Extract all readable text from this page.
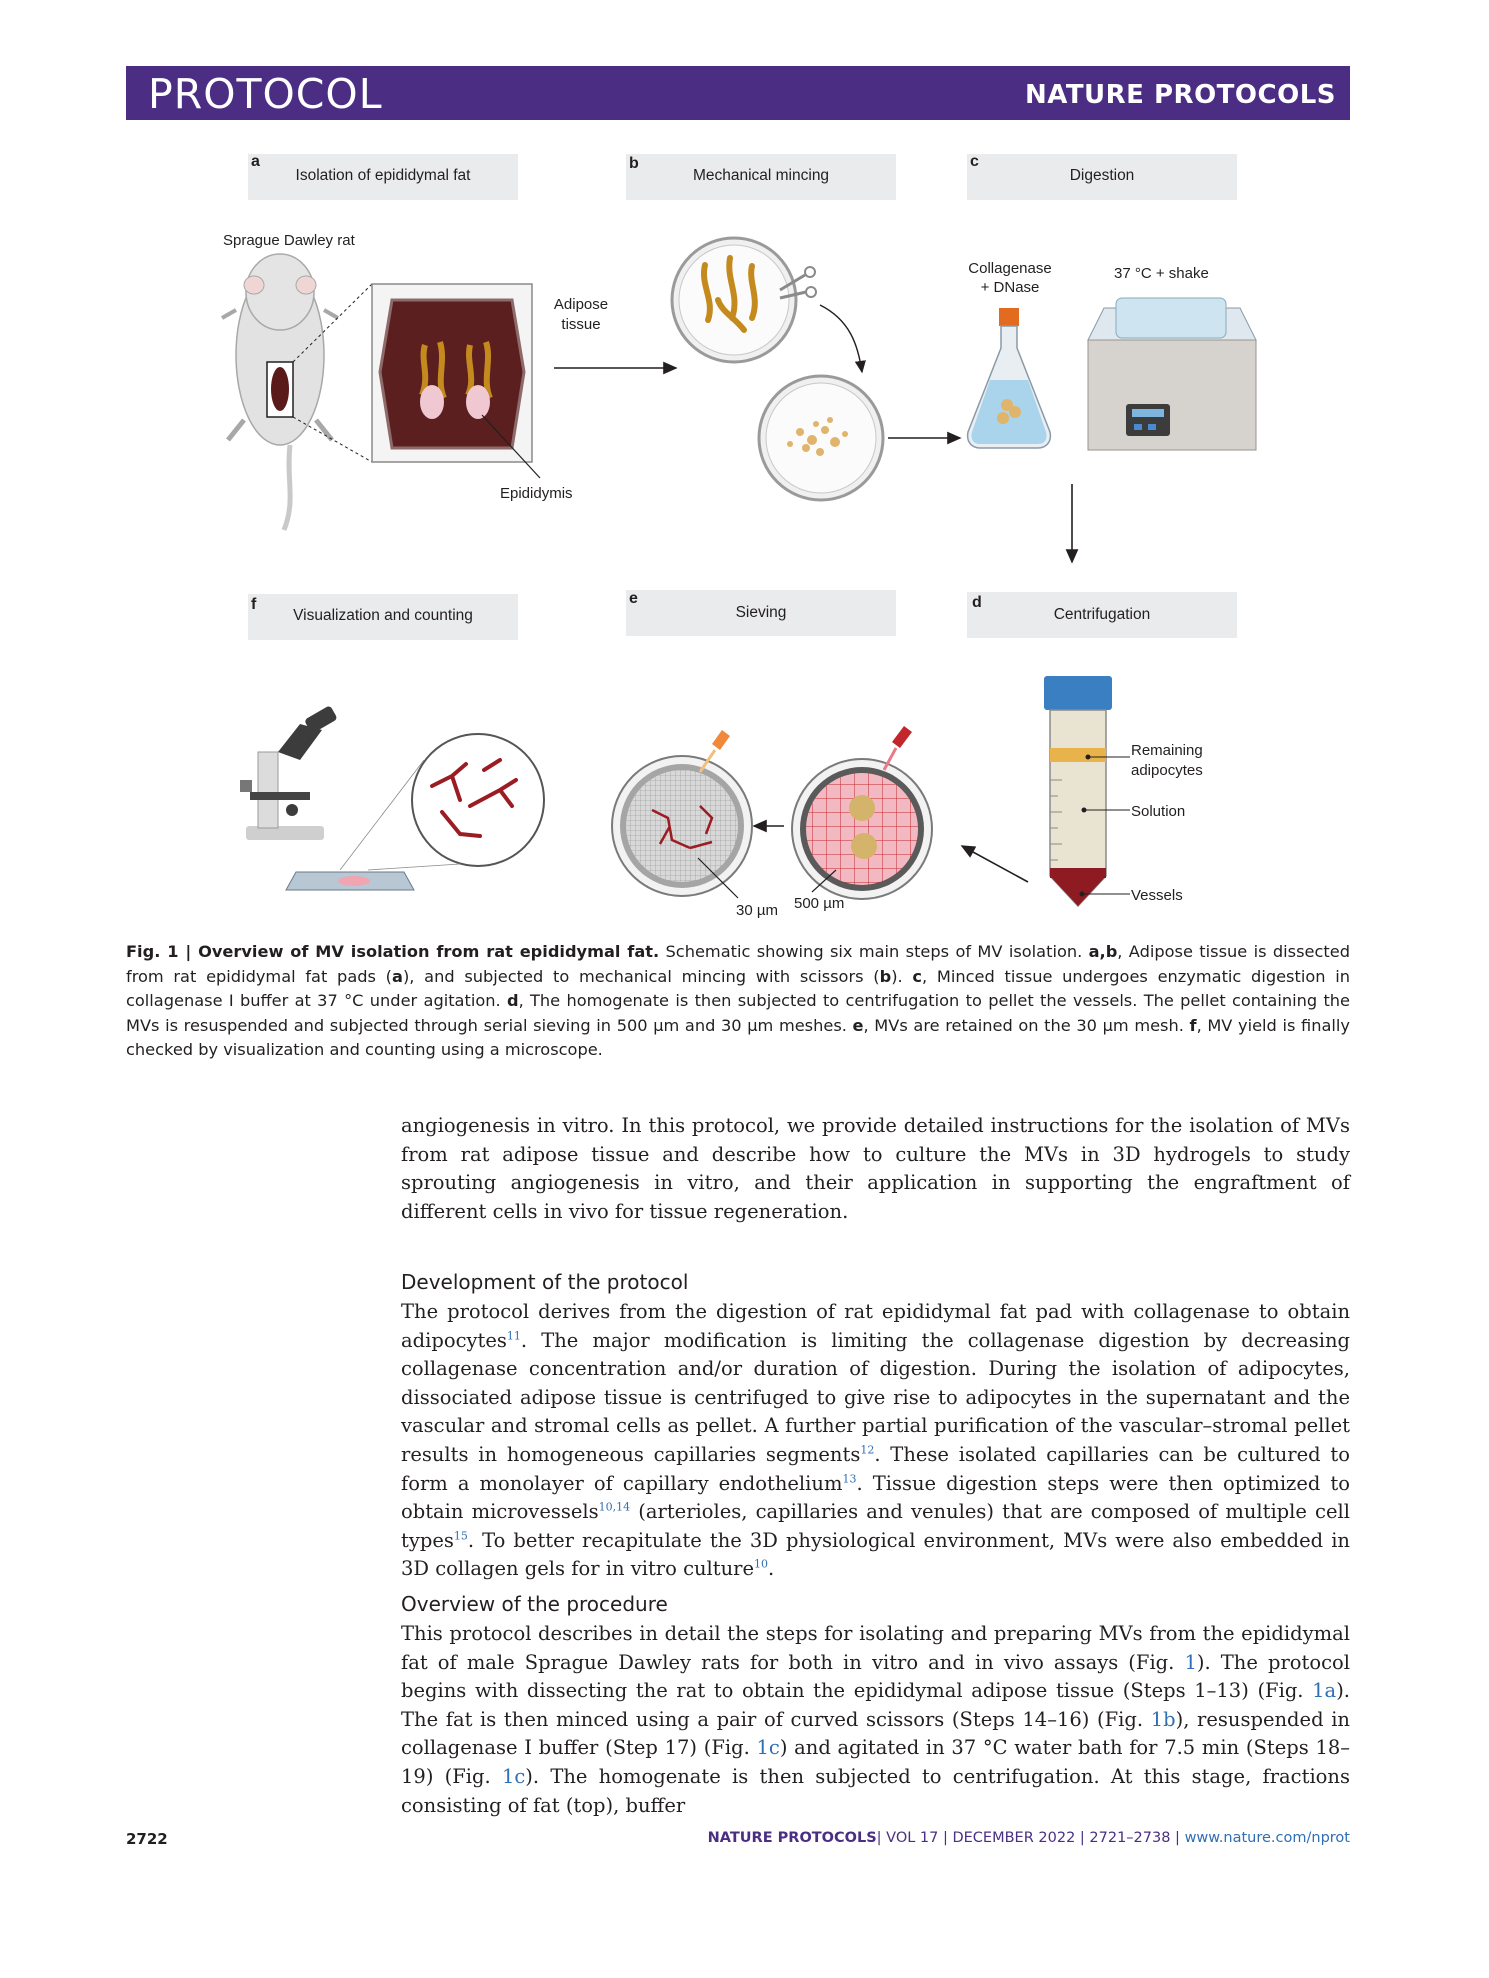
PROTOCOL	NATURE PROTOCOLS
a
Isolation of epididymal fat
b
Mechanical mincing
c
Digestion
d
Centrifugation
e
Sieving
f
Visualization and counting
Sprague Dawley rat
Adipose
tissue
Epididymis
Collagenase
+ DNase
37 °C + shake
Remaining
adipocytes
Solution
Vessels
30 µm 500 µm
Fig. 1 | Overview of MV isolation from rat epididymal fat. Schematic showing six main steps of MV isolation. a,b, Adipose tissue is dissected from rat epididymal fat pads (a), and subjected to mechanical mincing with scissors (b). c, Minced tissue undergoes enzymatic digestion in collagenase I buffer at 37 °C under agitation. d, The homogenate is then subjected to centrifugation to pellet the vessels. The pellet containing the MVs is resuspended and subjected through serial sieving in 500 µm and 30 µm meshes. e, MVs are retained on the 30 µm mesh. f, MV yield is finally checked by visualization and counting using a microscope.
angiogenesis in vitro. In this protocol, we provide detailed instructions for the isolation of MVs from rat adipose tissue and describe how to culture the MVs in 3D hydrogels to study sprouting angiogenesis in vitro, and their application in supporting the engraftment of different cells in vivo for tissue regeneration.
Development of the protocol
The protocol derives from the digestion of rat epididymal fat pad with collagenase to obtain adipocytes$^{11}$. The major modification is limiting the collagenase digestion by decreasing collagenase concentration and/or duration of digestion. During the isolation of adipocytes, dissociated adipose tissue is centrifuged to give rise to adipocytes in the supernatant and the vascular and stromal cells as pellet. A further partial purification of the vascular–stromal pellet results in homogeneous capillaries segments$^{12}$. These isolated capillaries can be cultured to form a monolayer of capillary endothelium$^{13}$. Tissue digestion steps were then optimized to obtain microvessels$^{10,14}$ (arterioles, capillaries and venules) that are composed of multiple cell types$^{15}$. To better recapitulate the 3D physiological environment, MVs were also embedded in 3D collagen gels for in vitro culture$^{10}$.
Overview of the procedure
This protocol describes in detail the steps for isolating and preparing MVs from the epididymal fat of male Sprague Dawley rats for both in vitro and in vivo assays (Fig. 1). The protocol begins with dissecting the rat to obtain the epididymal adipose tissue (Steps 1–13) (Fig. 1a). The fat is then minced using a pair of curved scissors (Steps 14–16) (Fig. 1b), resuspended in collagenase I buffer (Step 17) (Fig. 1c) and agitated in 37 °C water bath for 7.5 min (Steps 18–19) (Fig. 1c). The homogenate is then subjected to centrifugation. At this stage, fractions consisting of fat (top), buffer
2722	NATURE PROTOCOLS| VOL 17 | DECEMBER 2022 | 2721–2738 | www.nature.com/nprot
